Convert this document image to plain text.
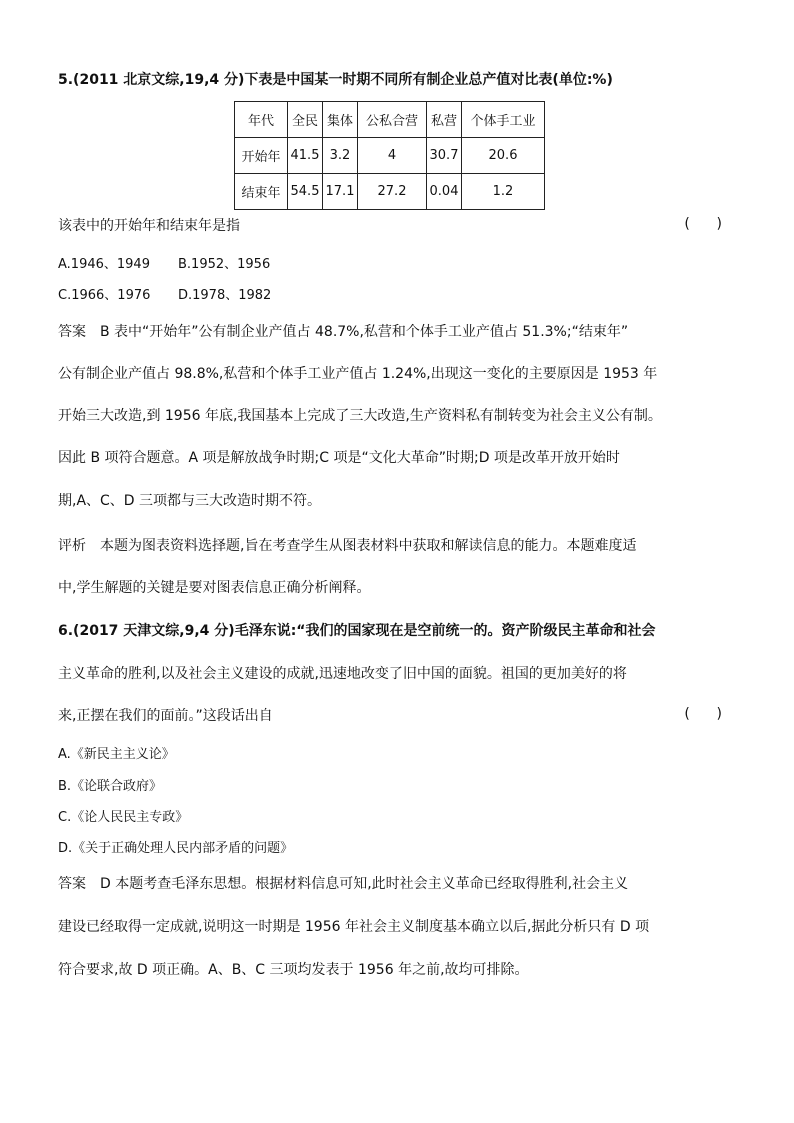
5.(2011 北京文综,19,4 分)下表是中国某一时期不同所有制企业总产值对比表(单位:%)
年代	全民	集体	公私合营	私营	个体手工业
开始年	41.5	3.2	4	30.7	20.6
结束年	54.5	17.1	27.2	0.04	1.2
该表中的开始年和结束年是指	(      )
A.1946、1949 B.1952、1956
C.1966、1976 D.1978、1982
答案 B 表中“开始年”公有制企业产值占 48.7%,私营和个体手工业产值占 51.3%;“结束年”
公有制企业产值占 98.8%,私营和个体手工业产值占 1.24%,出现这一变化的主要原因是 1953 年
开始三大改造,到 1956 年底,我国基本上完成了三大改造,生产资料私有制转变为社会主义公有制。
因此 B 项符合题意。A 项是解放战争时期;C 项是“文化大革命”时期;D 项是改革开放开始时
期,A、C、D 三项都与三大改造时期不符。
评析 本题为图表资料选择题,旨在考查学生从图表材料中获取和解读信息的能力。本题难度适
中,学生解题的关键是要对图表信息正确分析阐释。
6.(2017 天津文综,9,4 分)毛泽东说:“我们的国家现在是空前统一的。资产阶级民主革命和社会
主义革命的胜利,以及社会主义建设的成就,迅速地改变了旧中国的面貌。祖国的更加美好的将
来,正摆在我们的面前。”这段话出自	(      )
A.《新民主主义论》
B.《论联合政府》
C.《论人民民主专政》
D.《关于正确处理人民内部矛盾的问题》
答案 D 本题考查毛泽东思想。根据材料信息可知,此时社会主义革命已经取得胜利,社会主义
建设已经取得一定成就,说明这一时期是 1956 年社会主义制度基本确立以后,据此分析只有 D 项
符合要求,故 D 项正确。A、B、C 三项均发表于 1956 年之前,故均可排除。
